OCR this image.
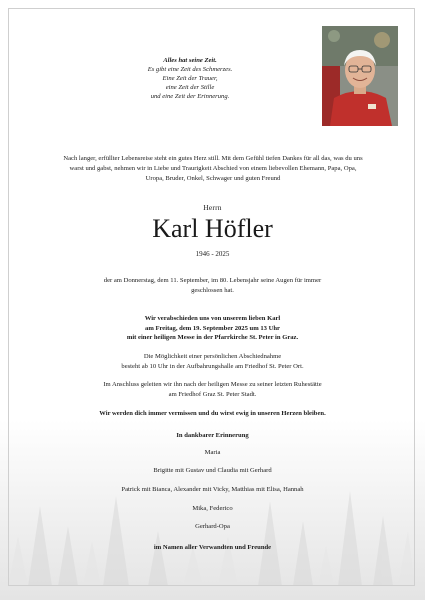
Alles hat seine Zeit.
Es gibt eine Zeit des Schmerzes.
Eine Zeit der Trauer,
eine Zeit der Stille
und eine Zeit der Erinnerung.
Nach langer, erfüllter Lebensreise steht ein gutes Herz still. Mit dem Gefühl tiefen Dankes für all das, was du uns
warst und gabst, nehmen wir in Liebe und Traurigkeit Abschied von einem liebevollen Ehemann, Papa, Opa,
Uropa, Bruder, Onkel, Schwager und guten Freund
Herrn
Karl Höfler
1946 - 2025
der am Donnerstag, dem 11. September, im 80. Lebensjahr seine Augen für immer
geschlossen hat.
Wir verabschieden uns von unserem lieben Karl
am Freitag, dem 19. September 2025 um 13 Uhr
mit einer heiligen Messe in der Pfarrkirche St. Peter in Graz.
Die Möglichkeit einer persönlichen Abschiednahme
besteht ab 10 Uhr in der Aufbahrungshalle am Friedhof St. Peter Ort.
Im Anschluss geleiten wir ihn nach der heiligen Messe zu seiner letzten Ruhestätte
am Friedhof Graz St. Peter Stadt.
Wir werden dich immer vermissen und du wirst ewig in unseren Herzen bleiben.
In dankbarer Erinnerung
Maria
Brigitte mit Gustav und Claudia mit Gerhard
Patrick mit Bianca, Alexander mit Vicky, Matthias mit Elisa, Hannah
Mika, Federico
Gerhard-Opa
im Namen aller Verwandten und Freunde
